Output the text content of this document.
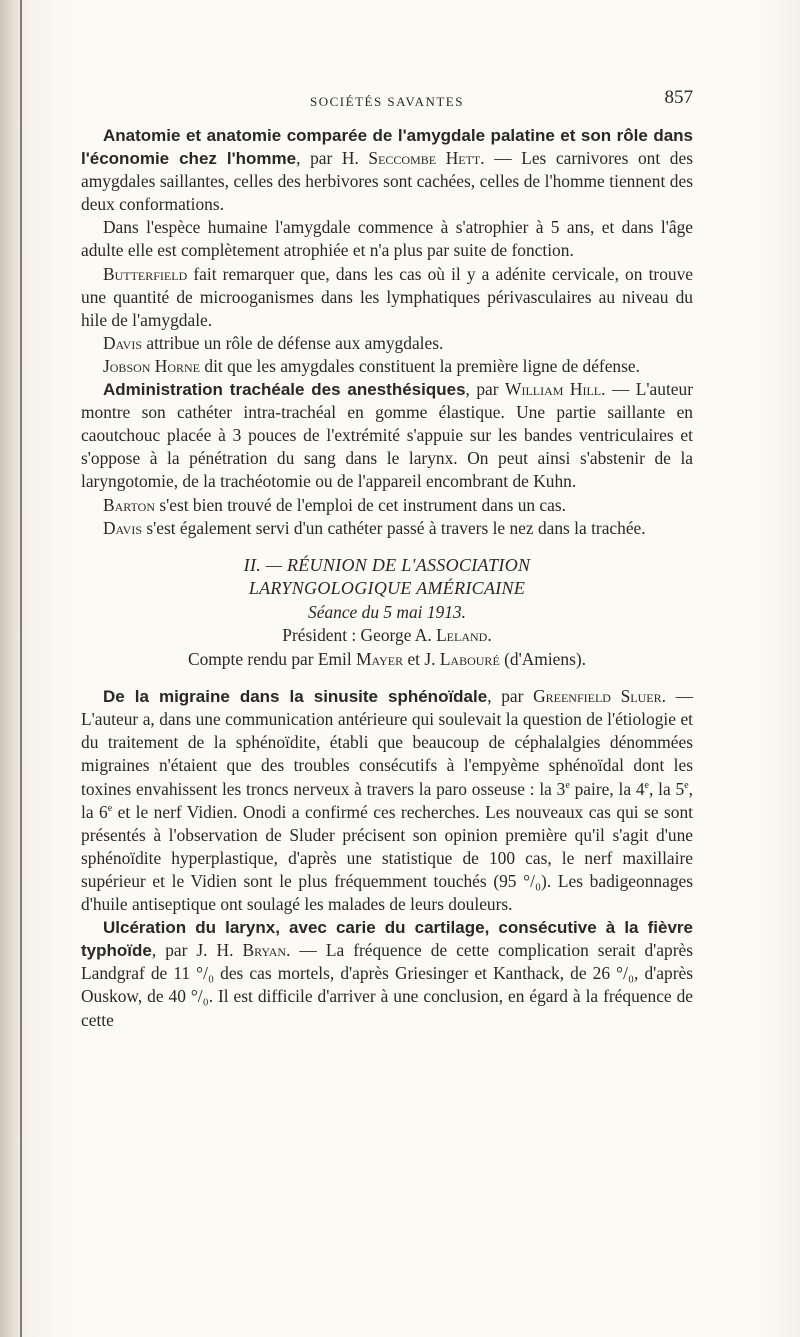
SOCIÉTÉS SAVANTES	857

Anatomie et anatomie comparée de l'amygdale palatine et son rôle dans l'économie chez l'homme, par H. Seccombe Hett. — Les carnivores ont des amygdales saillantes, celles des herbivores sont cachées, celles de l'homme tiennent des deux conformations.

Dans l'espèce humaine l'amygdale commence à s'atrophier à 5 ans, et dans l'âge adulte elle est complètement atrophiée et n'a plus par suite de fonction.

Butterfield fait remarquer que, dans les cas où il y a adénite cervicale, on trouve une quantité de microoganismes dans les lymphatiques périvasculaires au niveau du hile de l'amygdale.

Davis attribue un rôle de défense aux amygdales.

Jobson Horne dit que les amygdales constituent la première ligne de défense.

Administration trachéale des anesthésiques, par William Hill. — L'auteur montre son cathéter intra-trachéal en gomme élastique. Une partie saillante en caoutchouc placée à 3 pouces de l'extrémité s'appuie sur les bandes ventriculaires et s'oppose à la pénétration du sang dans le larynx. On peut ainsi s'abstenir de la laryngotomie, de la trachéotomie ou de l'appareil encombrant de Kuhn.

Barton s'est bien trouvé de l'emploi de cet instrument dans un cas.

Davis s'est également servi d'un cathéter passé à travers le nez dans la trachée.

II. — RÉUNION DE L'ASSOCIATION
LARYNGOLOGIQUE AMÉRICAINE
Séance du 5 mai 1913.
Président : George A. Leland.
Compte rendu par Emil Mayer et J. Labouré (d'Amiens).

De la migraine dans la sinusite sphénoïdale, par Greenfield Sluer. — L'auteur a, dans une communication antérieure qui soulevait la question de l'étiologie et du traitement de la sphénoïdite, établi que beaucoup de céphalalgies dénommées migraines n'étaient que des troubles consécutifs à l'empyème sphénoïdal dont les toxines envahissent les troncs nerveux à travers la paro osseuse : la 3e paire, la 4e, la 5e, la 6e et le nerf Vidien. Onodi a confirmé ces recherches. Les nouveaux cas qui se sont présentés à l'observation de Sluder précisent son opinion première qu'il s'agit d'une sphénoïdite hyperplastique, d'après une statistique de 100 cas, le nerf maxillaire supérieur et le Vidien sont le plus fréquemment touchés (95 °/₀). Les badigeonnages d'huile antiseptique ont soulagé les malades de leurs douleurs.

Ulcération du larynx, avec carie du cartilage, consécutive à la fièvre typhoïde, par J. H. Bryan. — La fréquence de cette complication serait d'après Landgraf de 11 °/₀ des cas mortels, d'après Griesinger et Kanthack, de 26 °/₀, d'après Ouskow, de 40 °/₀. Il est difficile d'arriver à une conclusion, en égard à la fréquence de cette
